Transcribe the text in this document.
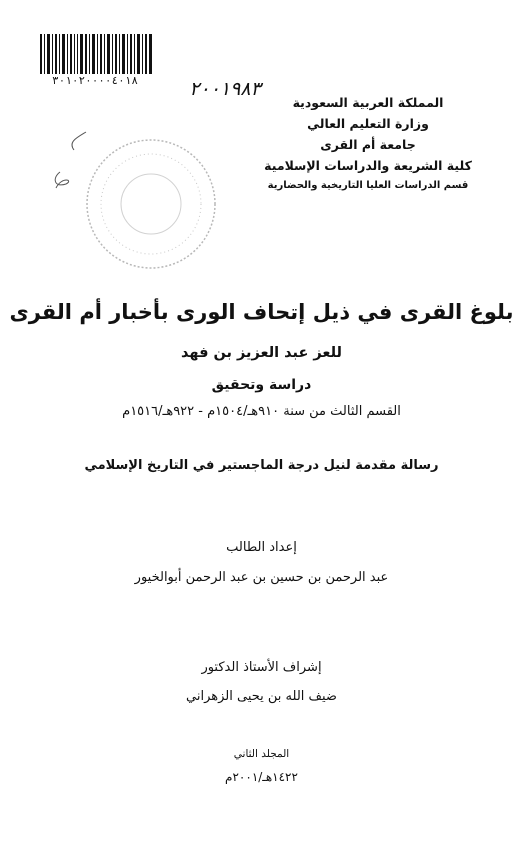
٣٠١٠٢٠٠٠٠٤٠١٨	٢٠٠١٩٨٣
المملكة العربية السعودية
وزارة التعليم العالي
جامعة أم القرى
كلية الشريعة والدراسات الإسلامية
قسم الدراسات العليا التاريخية والحضارية
بلوغ القرى في ذيل إتحاف الورى بأخبار أم القرى
للعز عبد العزيز بن فهد
دراسة وتحقيق
القسم الثالث من سنة ٩١٠هـ/١٥٠٤م - ٩٢٢هـ/١٥١٦م
رسالة مقدمة لنيل درجة الماجستير في التاريخ الإسلامي
إعداد الطالب
عبد الرحمن بن حسين بن عبد الرحمن أبوالخيور
إشراف الأستاذ الدكتور
ضيف الله بن يحيى الزهراني
المجلد الثاني
١٤٢٢هـ/٢٠٠١م
